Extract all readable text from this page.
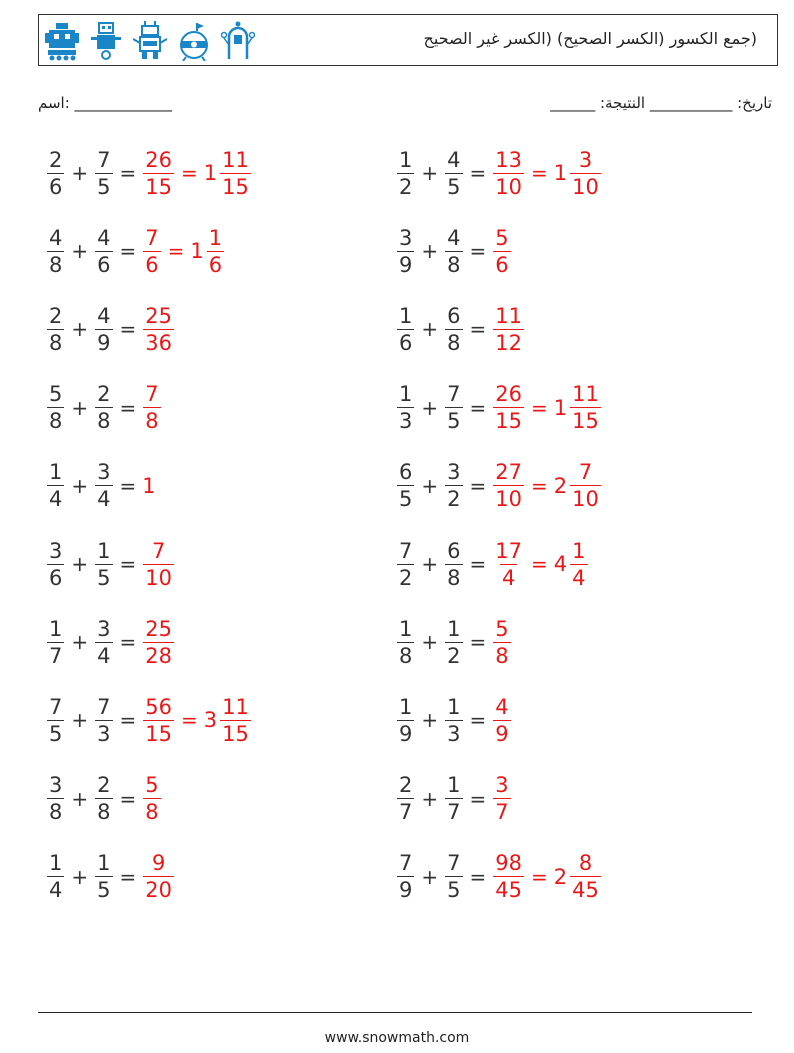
(جمع الكسور (الكسر الصحيح) (الكسر غير الصحيح
اسم: _____________	______ :تاريخ: ___________ النتيجة
$\frac{2}{6} + \frac{7}{5} = \frac{26}{15} = 1 \frac{11}{15}$	$\frac{1}{2} + \frac{4}{5} = \frac{13}{10} = 1 \frac{3}{10}$
$\frac{4}{8} + \frac{4}{6} = \frac{7}{6} = 1 \frac{1}{6}$	$\frac{3}{9} + \frac{4}{8} = \frac{5}{6}$
$\frac{2}{8} + \frac{4}{9} = \frac{25}{36}$	$\frac{1}{6} + \frac{6}{8} = \frac{11}{12}$
$\frac{5}{8} + \frac{2}{8} = \frac{7}{8}$	$\frac{1}{3} + \frac{7}{5} = \frac{26}{15} = 1 \frac{11}{15}$
$\frac{1}{4} + \frac{3}{4} = 1$	$\frac{6}{5} + \frac{3}{2} = \frac{27}{10} = 2 \frac{7}{10}$
$\frac{3}{6} + \frac{1}{5} = \frac{7}{10}$	$\frac{7}{2} + \frac{6}{8} = \frac{17}{4} = 4 \frac{1}{4}$
$\frac{1}{7} + \frac{3}{4} = \frac{25}{28}$	$\frac{1}{8} + \frac{1}{2} = \frac{5}{8}$
$\frac{7}{5} + \frac{7}{3} = \frac{56}{15} = 3 \frac{11}{15}$	$\frac{1}{9} + \frac{1}{3} = \frac{4}{9}$
$\frac{3}{8} + \frac{2}{8} = \frac{5}{8}$	$\frac{2}{7} + \frac{1}{7} = \frac{3}{7}$
$\frac{1}{4} + \frac{1}{5} = \frac{9}{20}$	$\frac{7}{9} + \frac{7}{5} = \frac{98}{45} = 2 \frac{8}{45}$
www.snowmath.com
